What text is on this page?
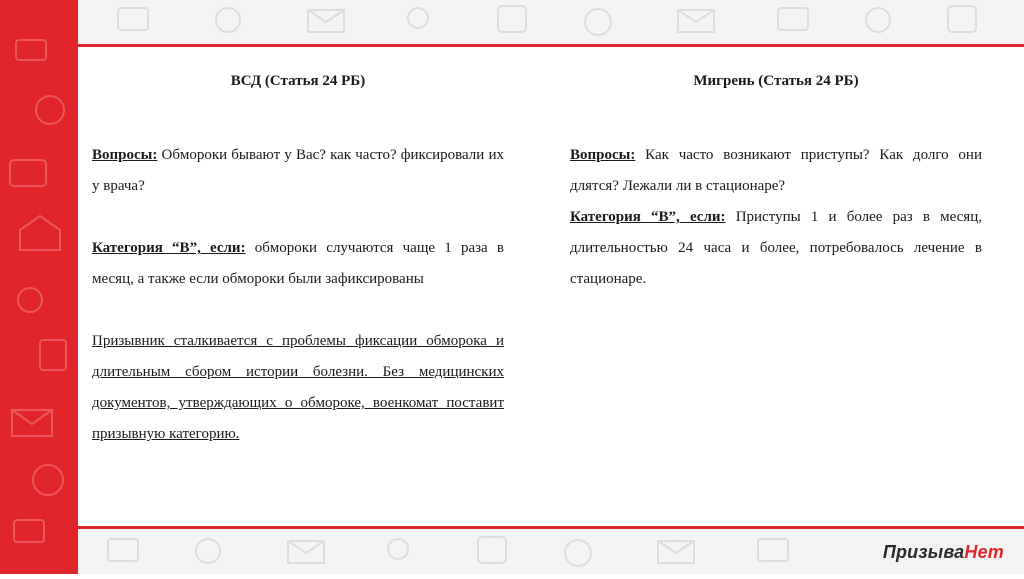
ВСД (Статья 24 РБ)

Вопросы: Обмороки бывают у Вас? как часто? фиксировали их у врача?

Категория “В”, если: обмороки случаются чаще 1 раза в месяц, а также если обмороки были зафиксированы

Призывник сталкивается с проблемы фиксации обморока и длительным сбором истории болезни. Без медицинских документов, утверждающих о обмороке, военкомат поставит призывную категорию.

Мигрень (Статья 24 РБ)

Вопросы: Как часто возникают приступы? Как долго они длятся? Лежали ли в стационаре?

Категория “В”, если: Приступы 1 и более раз в месяц, длительностью 24 часа и более, потребовалось лечение в стационаре.

ПризываНет
